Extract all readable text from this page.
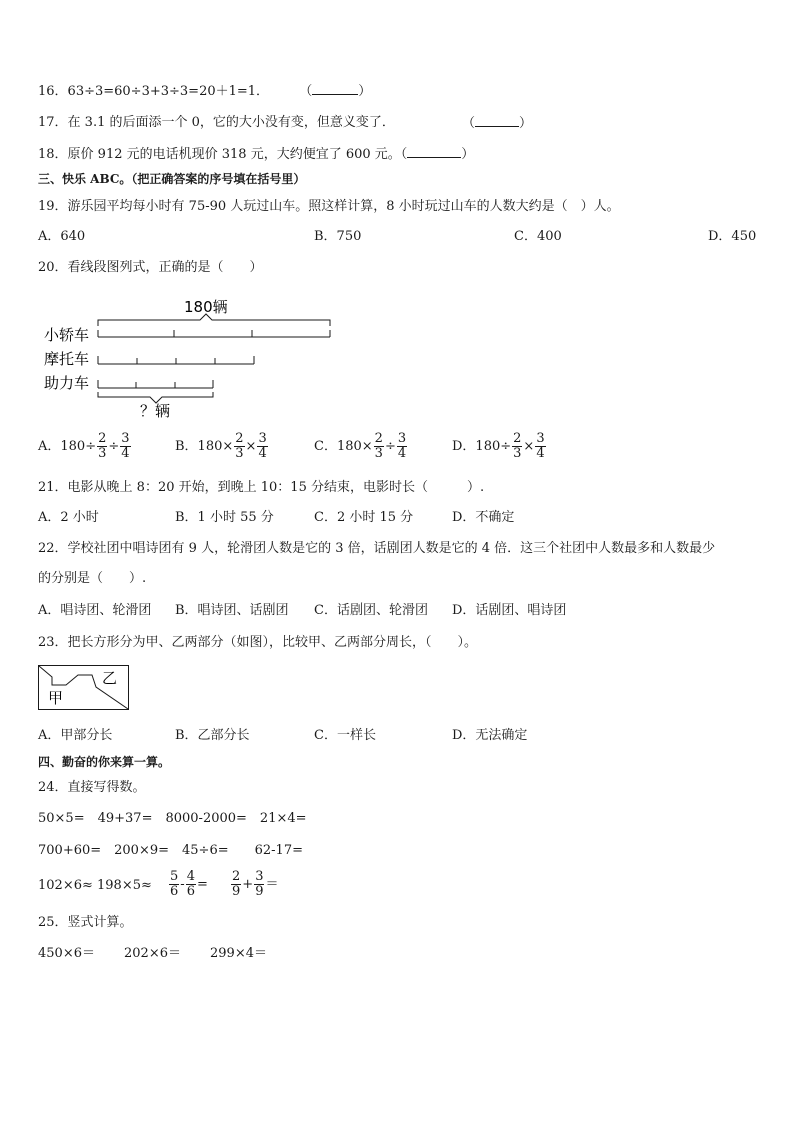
16．63÷3=60÷3+3÷3=20＋1=1． （	）
17．在 3.1 的后面添一个 0，它的大小没有变，但意义变了．	（	）
18．原价 912 元的电话机现价 318 元，大约便宜了 600 元。（	）
三、快乐 ABC。（把正确答案的序号填在括号里）
19．游乐园平均每小时有 75-90 人玩过山车。照这样计算，8 小时玩过山车的人数大约是（　）人。
A．640	B．750	C．400	D．450
20．看线段图列式，正确的是（　　）
180辆
小轿车
摩托车
助力车
？辆
A．$180\div \frac{2}{3} \div \frac{3}{4}$	B．$180\times \frac{2}{3} \times \frac{3}{4}$	C．$180\times \frac{2}{3} \div \frac{3}{4}$	D．$180\div \frac{2}{3} \times \frac{3}{4}$
21．电影从晚上 8：20 开始，到晚上 10：15 分结束，电影时长（　　　）.
A．2 小时	B．1 小时 55 分	C．2 小时 15 分	D．不确定
22．学校社团中唱诗团有 9 人，轮滑团人数是它的 3 倍，话剧团人数是它的 4 倍．这三个社团中人数最多和人数最少
的分别是（　　）.
A．唱诗团、轮滑团 B．唱诗团、话剧团 C．话剧团、轮滑团 D．话剧团、唱诗团
23．把长方形分为甲、乙两部分（如图），比较甲、乙两部分周长，（　　）。
甲
乙
A．甲部分长	B．乙部分长	C．一样长	D．无法确定
四、勤奋的你来算一算。
24．直接写得数。
50×5=　49+37=　8000-2000=　21×4=
700+60=　200×9=　45÷6=　　62-17=
$102\times 6\approx 198\times 5\approx \frac{5}{6} - \frac{4}{6} = \frac{2}{9} + \frac{3}{9}$ ＝
25．竖式计算。
450×6＝ 202×6＝ 299×4＝
